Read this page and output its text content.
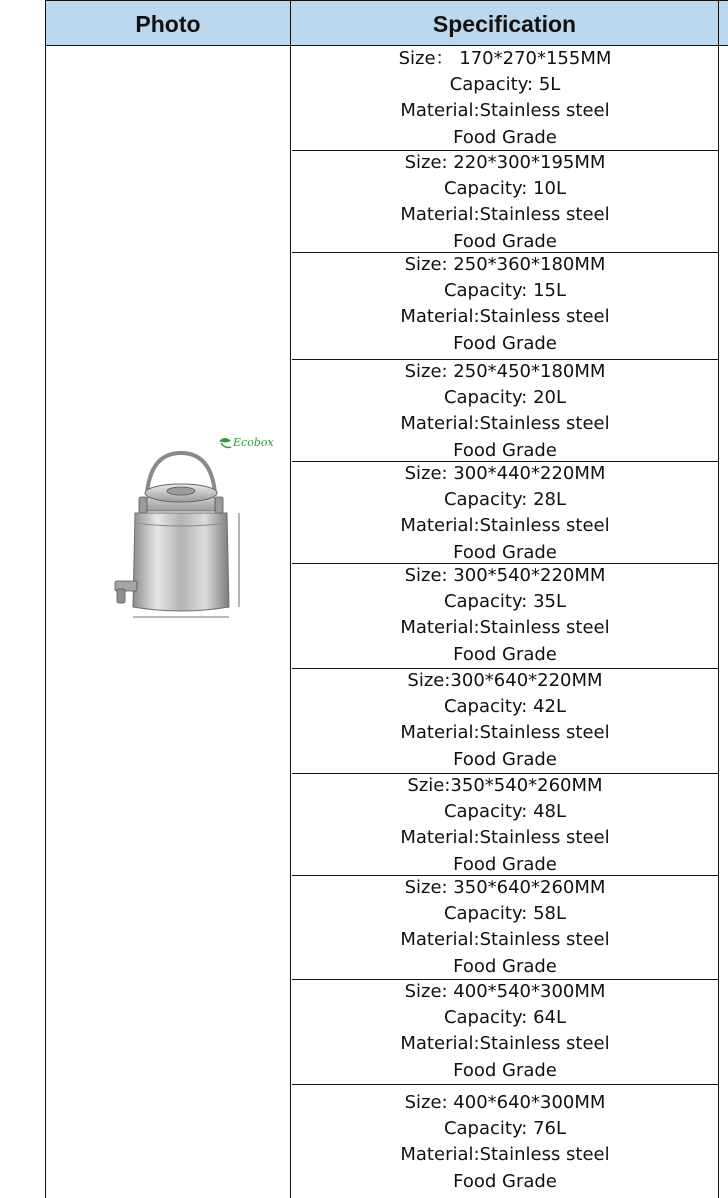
Photo	Specification
Ecobox
Size： 170*270*155MM
Capacity: 5L
Material:Stainless steel
Food Grade
Size: 220*300*195MM
Capacity: 10L
Material:Stainless steel
Food Grade
Size: 250*360*180MM
Capacity: 15L
Material:Stainless steel
Food Grade
Size: 250*450*180MM
Capacity: 20L
Material:Stainless steel
Food Grade
Size: 300*440*220MM
Capacity: 28L
Material:Stainless steel
Food Grade
Size: 300*540*220MM
Capacity: 35L
Material:Stainless steel
Food Grade
Size:300*640*220MM
Capacity: 42L
Material:Stainless steel
Food Grade
Szie:350*540*260MM
Capacity: 48L
Material:Stainless steel
Food Grade
Size: 350*640*260MM
Capacity: 58L
Material:Stainless steel
Food Grade
Size: 400*540*300MM
Capacity: 64L
Material:Stainless steel
Food Grade
Size: 400*640*300MM
Capacity: 76L
Material:Stainless steel
Food Grade
